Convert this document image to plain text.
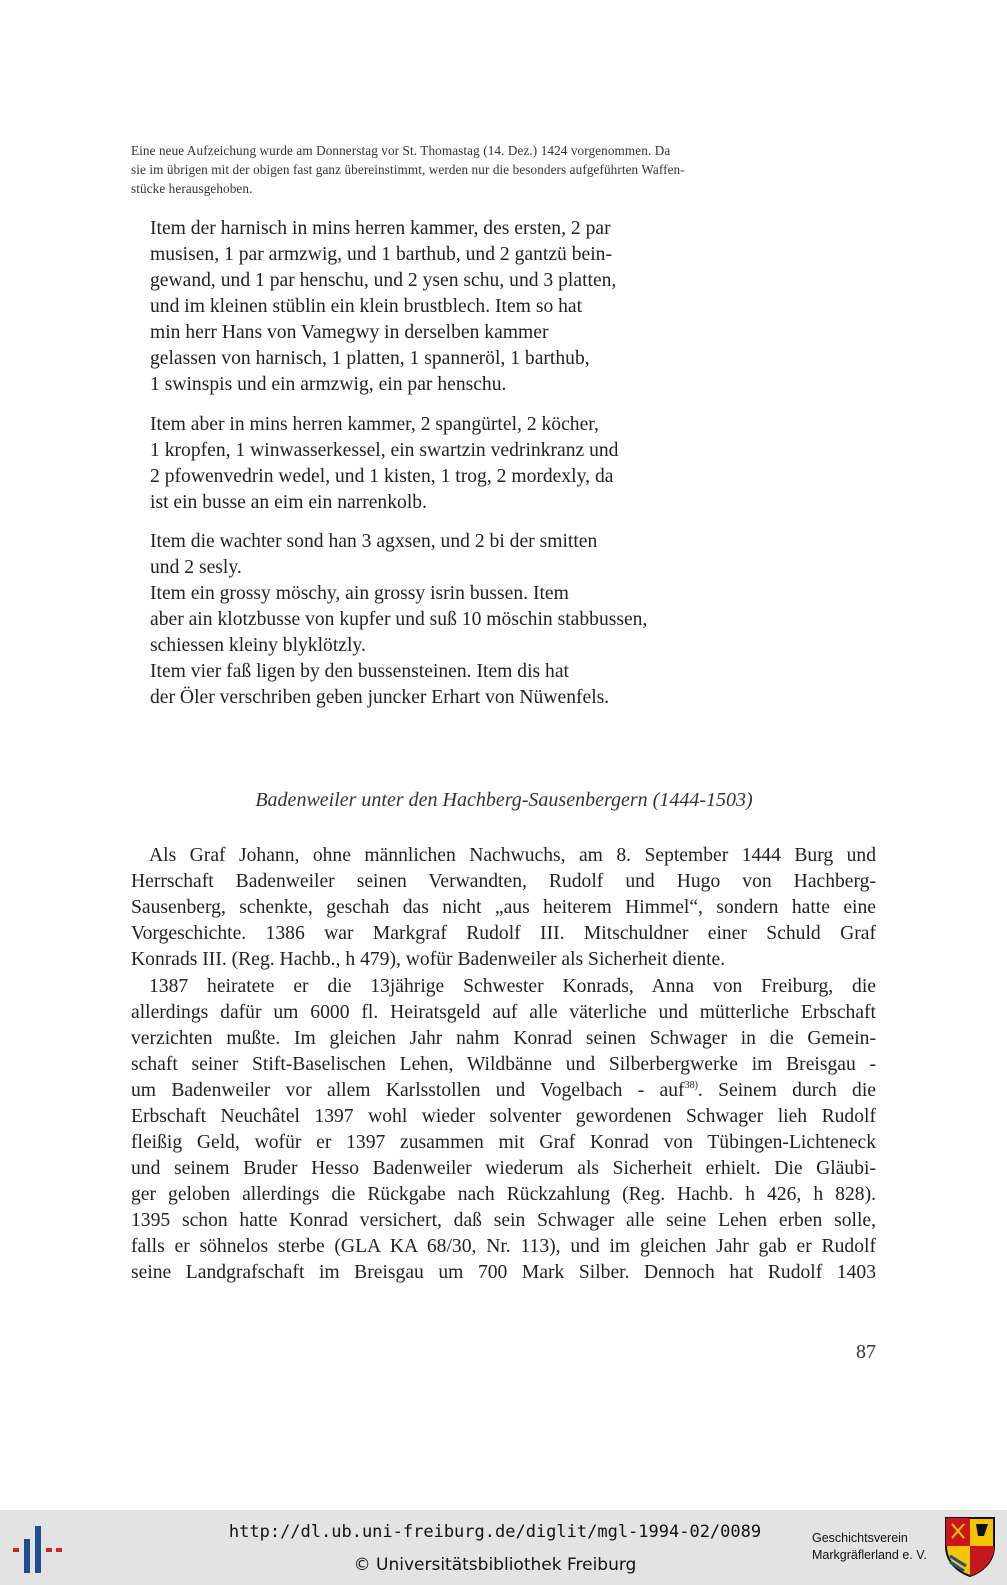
Eine neue Aufzeichung wurde am Donnerstag vor St. Thomastag (14. Dez.) 1424 vorgenommen. Da
sie im übrigen mit der obigen fast ganz übereinstimmt, werden nur die besonders aufgeführten Waffen-
stücke herausgehoben.
Item der harnisch in mins herren kammer, des ersten, 2 par
musisen, 1 par armzwig, und 1 barthub, und 2 gantzü bein-
gewand, und 1 par henschu, und 2 ysen schu, und 3 platten,
und im kleinen stüblin ein klein brustblech. Item so hat
min herr Hans von Vamegwy in derselben kammer
gelassen von harnisch, 1 platten, 1 spanneröl, 1 barthub,
1 swinspis und ein armzwig, ein par henschu.
Item aber in mins herren kammer, 2 spangürtel, 2 köcher,
1 kropfen, 1 winwasserkessel, ein swartzin vedrinkranz und
2 pfowenvedrin wedel, und 1 kisten, 1 trog, 2 mordexly, da
ist ein busse an eim ein narrenkolb.
Item die wachter sond han 3 agxsen, und 2 bi der smitten
und 2 sesly.
Item ein grossy möschy, ain grossy isrin bussen. Item
aber ain klotzbusse von kupfer und suß 10 möschin stabbussen,
schiessen kleiny blyklötzly.
Item vier faß ligen by den bussensteinen. Item dis hat
der Öler verschriben geben juncker Erhart von Nüwenfels.
Badenweiler unter den Hachberg-Sausenbergern (1444-1503)
Als Graf Johann, ohne männlichen Nachwuchs, am 8. September 1444 Burg und
Herrschaft Badenweiler seinen Verwandten, Rudolf und Hugo von Hachberg-
Sausenberg, schenkte, geschah das nicht „aus heiterem Himmel“, sondern hatte eine
Vorgeschichte. 1386 war Markgraf Rudolf III. Mitschuldner einer Schuld Graf
Konrads III. (Reg. Hachb., h 479), wofür Badenweiler als Sicherheit diente.
1387 heiratete er die 13jährige Schwester Konrads, Anna von Freiburg, die
allerdings dafür um 6000 fl. Heiratsgeld auf alle väterliche und mütterliche Erbschaft
verzichten mußte. Im gleichen Jahr nahm Konrad seinen Schwager in die Gemein-
schaft seiner Stift-Baselischen Lehen, Wildbänne und Silberbergwerke im Breisgau -
um Badenweiler vor allem Karlsstollen und Vogelbach - auf$^{38)}$. Seinem durch die
Erbschaft Neuchâtel 1397 wohl wieder solventer gewordenen Schwager lieh Rudolf
fleißig Geld, wofür er 1397 zusammen mit Graf Konrad von Tübingen-Lichteneck
und seinem Bruder Hesso Badenweiler wiederum als Sicherheit erhielt. Die Gläubi-
ger geloben allerdings die Rückgabe nach Rückzahlung (Reg. Hachb. h 426, h 828).
1395 schon hatte Konrad versichert, daß sein Schwager alle seine Lehen erben solle,
falls er söhnelos sterbe (GLA KA 68/30, Nr. 113), und im gleichen Jahr gab er Rudolf
seine Landgrafschaft im Breisgau um 700 Mark Silber. Dennoch hat Rudolf 1403
87
http://dl.ub.uni-freiburg.de/diglit/mgl-1994-02/0089
© Universitätsbibliothek Freiburg
Geschichtsverein
Markgräflerland e. V.
